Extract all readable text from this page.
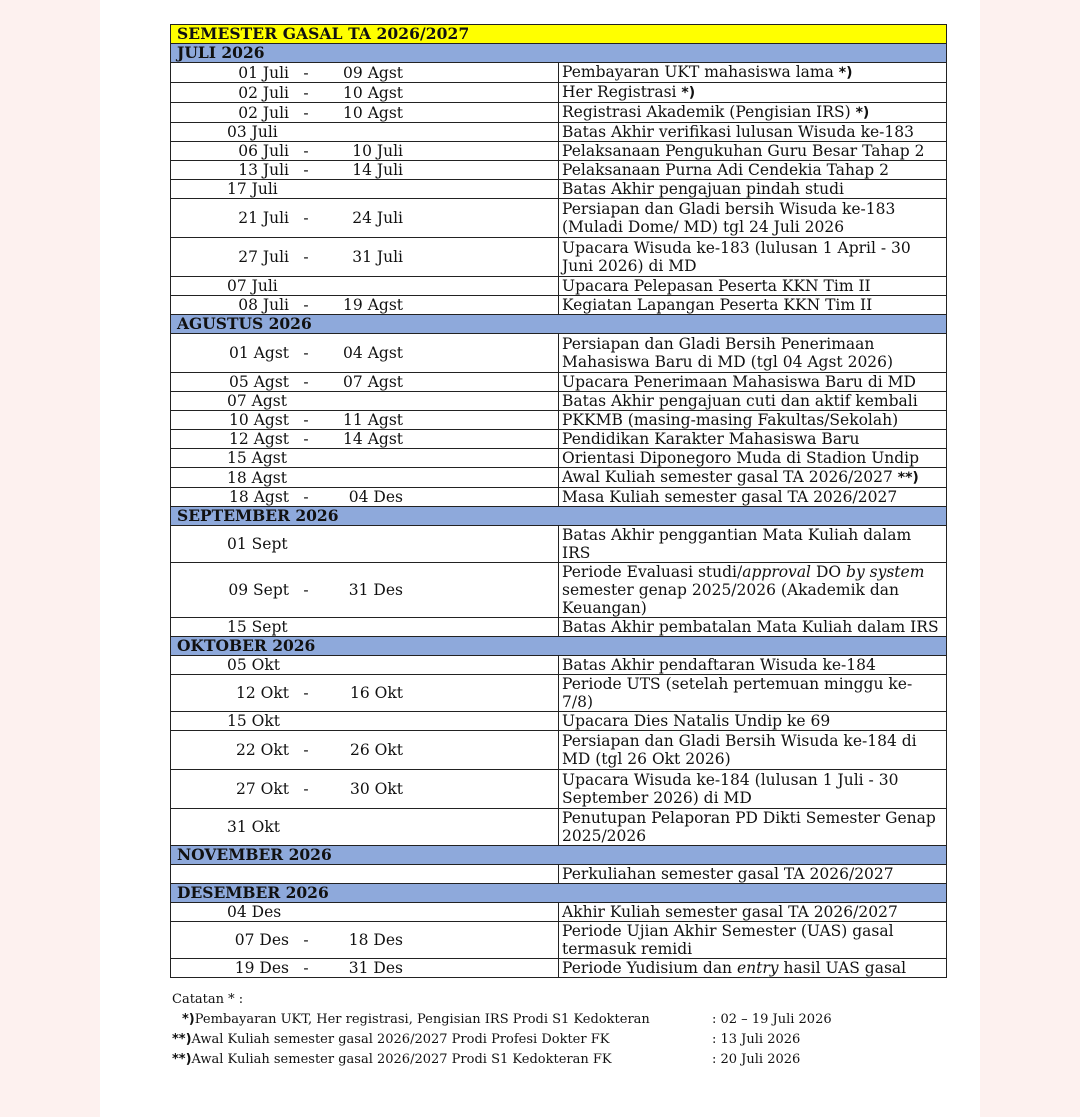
SEMESTER GASAL TA 2026/2027	
JULI 2026	

01 Juli - 09 Agst	Pembayaran UKT mahasiswa lama *)

02 Juli - 10 Agst	Her Registrasi *)

02 Juli - 10 Agst	Registrasi Akademik (Pengisian IRS) *)

03 Juli	Batas Akhir verifikasi lulusan Wisuda ke-183

06 Juli - 10 Juli	Pelaksanaan Pengukuhan Guru Besar Tahap 2

13 Juli - 14 Juli	Pelaksanaan Purna Adi Cendekia Tahap 2

17 Juli	Batas Akhir pengajuan pindah studi

21 Juli - 24 Juli	Persiapan dan Gladi bersih Wisuda ke-183 (Muladi Dome/ MD) tgl 24 Juli 2026

27 Juli - 31 Juli	Upacara Wisuda ke-183 (lulusan 1 April - 30 Juni 2026) di MD

07 Juli	Upacara Pelepasan Peserta KKN Tim II

08 Juli - 19 Agst	Kegiatan Lapangan Peserta KKN Tim II
AGUSTUS 2026	

01 Agst - 04 Agst	Persiapan dan Gladi Bersih Penerimaan Mahasiswa Baru di MD (tgl 04 Agst 2026)

05 Agst - 07 Agst	Upacara Penerimaan Mahasiswa Baru di MD

07 Agst	Batas Akhir pengajuan cuti dan aktif kembali

10 Agst - 11 Agst	PKKMB (masing-masing Fakultas/Sekolah)

12 Agst - 14 Agst	Pendidikan Karakter Mahasiswa Baru

15 Agst	Orientasi Diponegoro Muda di Stadion Undip

18 Agst	Awal Kuliah semester gasal TA 2026/2027 **)

18 Agst - 04 Des	Masa Kuliah semester gasal TA 2026/2027
SEPTEMBER 2026	

01 Sept	Batas Akhir penggantian Mata Kuliah dalam IRS

09 Sept - 31 Des	Periode Evaluasi studi/approval DO by system semester genap 2025/2026 (Akademik dan Keuangan)

15 Sept	Batas Akhir pembatalan Mata Kuliah dalam IRS
OKTOBER 2026	

05 Okt	Batas Akhir pendaftaran Wisuda ke-184

12 Okt - 16 Okt	Periode UTS (setelah pertemuan minggu ke-7/8)

15 Okt	Upacara Dies Natalis Undip ke 69

22 Okt - 26 Okt	Persiapan dan Gladi Bersih Wisuda ke-184 di MD (tgl 26 Okt 2026)

27 Okt - 30 Okt	Upacara Wisuda ke-184 (lulusan 1 Juli - 30 September 2026) di MD

31 Okt	Penutupan Pelaporan PD Dikti Semester Genap 2025/2026
NOVEMBER 2026	

	Perkuliahan semester gasal TA 2026/2027
DESEMBER 2026	

04 Des	Akhir Kuliah semester gasal TA 2026/2027

07 Des - 18 Des	Periode Ujian Akhir Semester (UAS) gasal termasuk remidi

19 Des - 31 Des	Periode Yudisium dan entry hasil UAS gasal
Catatan * :
*)Pembayaran UKT, Her registrasi, Pengisian IRS Prodi S1 Kedokteran	: 02 – 19 Juli 2026
**)Awal Kuliah semester gasal 2026/2027 Prodi Profesi Dokter FK	: 13 Juli 2026
**)Awal Kuliah semester gasal 2026/2027 Prodi S1 Kedokteran FK	: 20 Juli 2026
